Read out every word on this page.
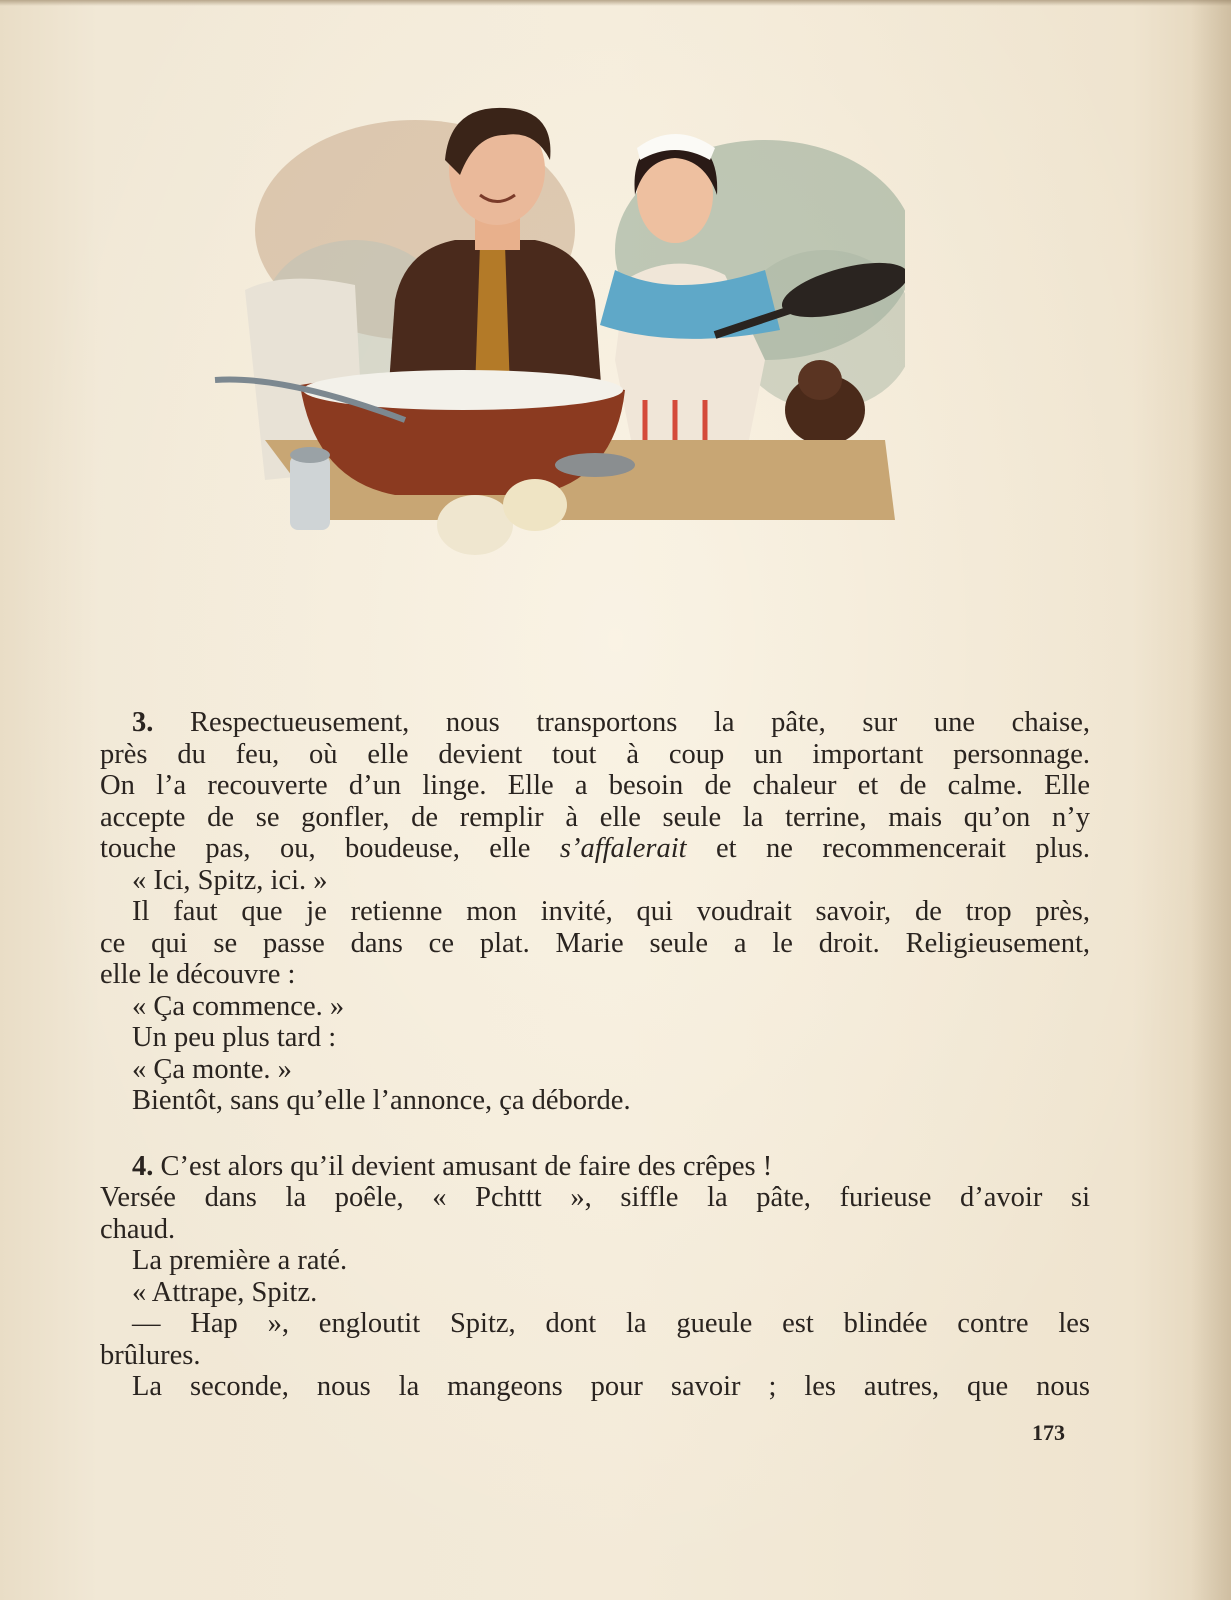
3. Respectueusement, nous transportons la pâte, sur une chaise,

près du feu, où elle devient tout à coup un important personnage.

On l’a recouverte d’un linge. Elle a besoin de chaleur et de calme. Elle

accepte de se gonfler, de remplir à elle seule la terrine, mais qu’on n’y

touche pas, ou, boudeuse, elle s’affalerait et ne recommencerait plus.

« Ici, Spitz, ici. »

Il faut que je retienne mon invité, qui voudrait savoir, de trop près,

ce qui se passe dans ce plat. Marie seule a le droit. Religieusement,

elle le découvre :

« Ça commence. »

Un peu plus tard :

« Ça monte. »

Bientôt, sans qu’elle l’annonce, ça déborde.

4. C’est alors qu’il devient amusant de faire des crêpes !

Versée dans la poêle, « Pchttt », siffle la pâte, furieuse d’avoir si

chaud.

La première a raté.

« Attrape, Spitz.

— Hap », engloutit Spitz, dont la gueule est blindée contre les

brûlures.

La seconde, nous la mangeons pour savoir ; les autres, que nous

173
